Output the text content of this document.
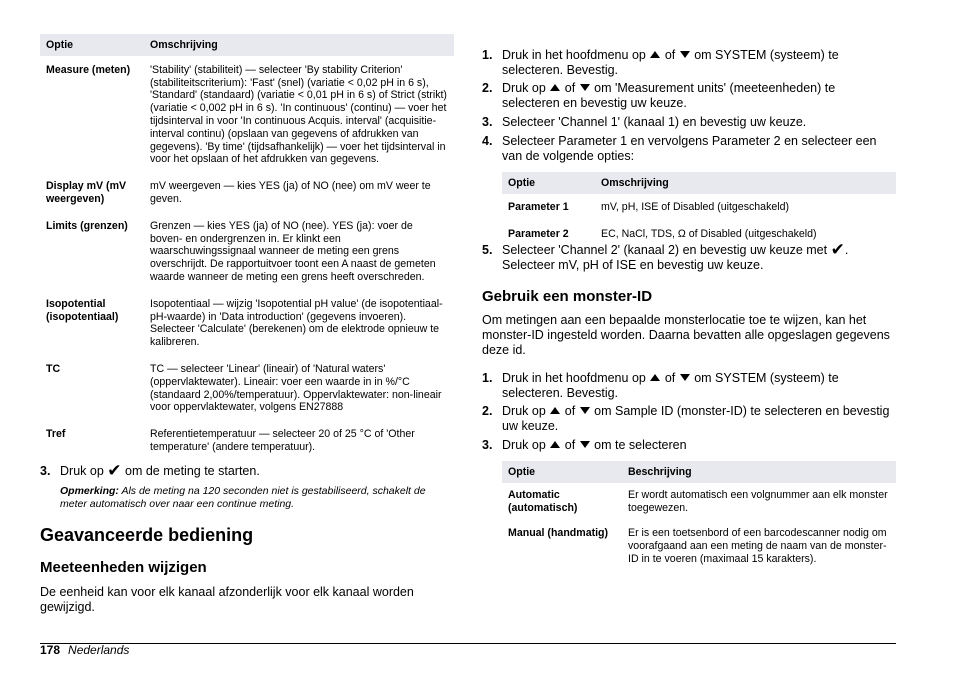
Optie	Omschrijving
Measure (meten)	'Stability' (stabiliteit) — selecteer 'By stability Criterion' (stabiliteitscriterium): 'Fast' (snel) (variatie < 0,02 pH in 6 s), 'Standard' (standaard) (variatie < 0,01 pH in 6 s) of Strict (strikt) (variatie < 0,002 pH in 6 s). 'In continuous' (continu) — voer het tijdsinterval in voor 'In continuous Acquis. interval' (acquisitie-interval continu) (opslaan van gegevens of afdrukken van gegevens). 'By time' (tijdsafhankelijk) — voer het tijdsinterval in voor het opslaan of het afdrukken van gegevens.
Display mV (mV weergeven)	mV weergeven — kies YES (ja) of NO (nee) om mV weer te geven.
Limits (grenzen)	Grenzen — kies YES (ja) of NO (nee). YES (ja): voer de boven- en ondergrenzen in. Er klinkt een waarschuwingssignaal wanneer de meting een grens overschrijdt. De rapportuitvoer toont een A naast de gemeten waarde wanneer de meting een grens heeft overschreden.
Isopotential (isopotentiaal)	Isopotentiaal — wijzig 'Isopotential pH value' (de isopotentiaal-pH-waarde) in 'Data introduction' (gegevens invoeren). Selecteer 'Calculate' (berekenen) om de elektrode opnieuw te kalibreren.
TC	TC — selecteer 'Linear' (lineair) of 'Natural waters' (oppervlaktewater). Lineair: voer een waarde in in %/°C (standaard 2,00%/temperatuur). Oppervlaktewater: non-lineair voor oppervlaktewater, volgens EN27888
Tref	Referentietemperatuur — selecteer 20 of 25 °C of 'Other temperature' (andere temperatuur).
3. Druk op ✔ om de meting te starten.
Opmerking: Als de meting na 120 seconden niet is gestabiliseerd, schakelt de meter automatisch over naar een continue meting.
Geavanceerde bediening
Meeteenheden wijzigen

De eenheid kan voor elk kanaal afzonderlijk voor elk kanaal worden gewijzigd.

1. Druk in het hoofdmenu op of om SYSTEM (systeem) te selecteren. Bevestig.
2. Druk op of om 'Measurement units' (meeteenheden) te selecteren en bevestig uw keuze.
3. Selecteer 'Channel 1' (kanaal 1) en bevestig uw keuze.
4. Selecteer Parameter 1 en vervolgens Parameter 2 en selecteer een van de volgende opties:
Optie	Omschrijving
Parameter 1	mV, pH, ISE of Disabled (uitgeschakeld)
Parameter 2	EC, NaCl, TDS, Ω of Disabled (uitgeschakeld)
5. Selecteer 'Channel 2' (kanaal 2) en bevestig uw keuze met ✔. Selecteer mV, pH of ISE en bevestig uw keuze.
Gebruik een monster-ID

Om metingen aan een bepaalde monsterlocatie toe te wijzen, kan het monster-ID ingesteld worden. Daarna bevatten alle opgeslagen gegevens deze id.

1. Druk in het hoofdmenu op of om SYSTEM (systeem) te selecteren. Bevestig.
2. Druk op of om Sample ID (monster-ID) te selecteren en bevestig uw keuze.
3. Druk op of om te selecteren
Optie	Beschrijving
Automatic (automatisch)	Er wordt automatisch een volgnummer aan elk monster toegewezen.
Manual (handmatig)	Er is een toetsenbord of een barcodescanner nodig om voorafgaand aan een meting de naam van de monster-ID in te voeren (maximaal 15 karakters).
178 Nederlands
